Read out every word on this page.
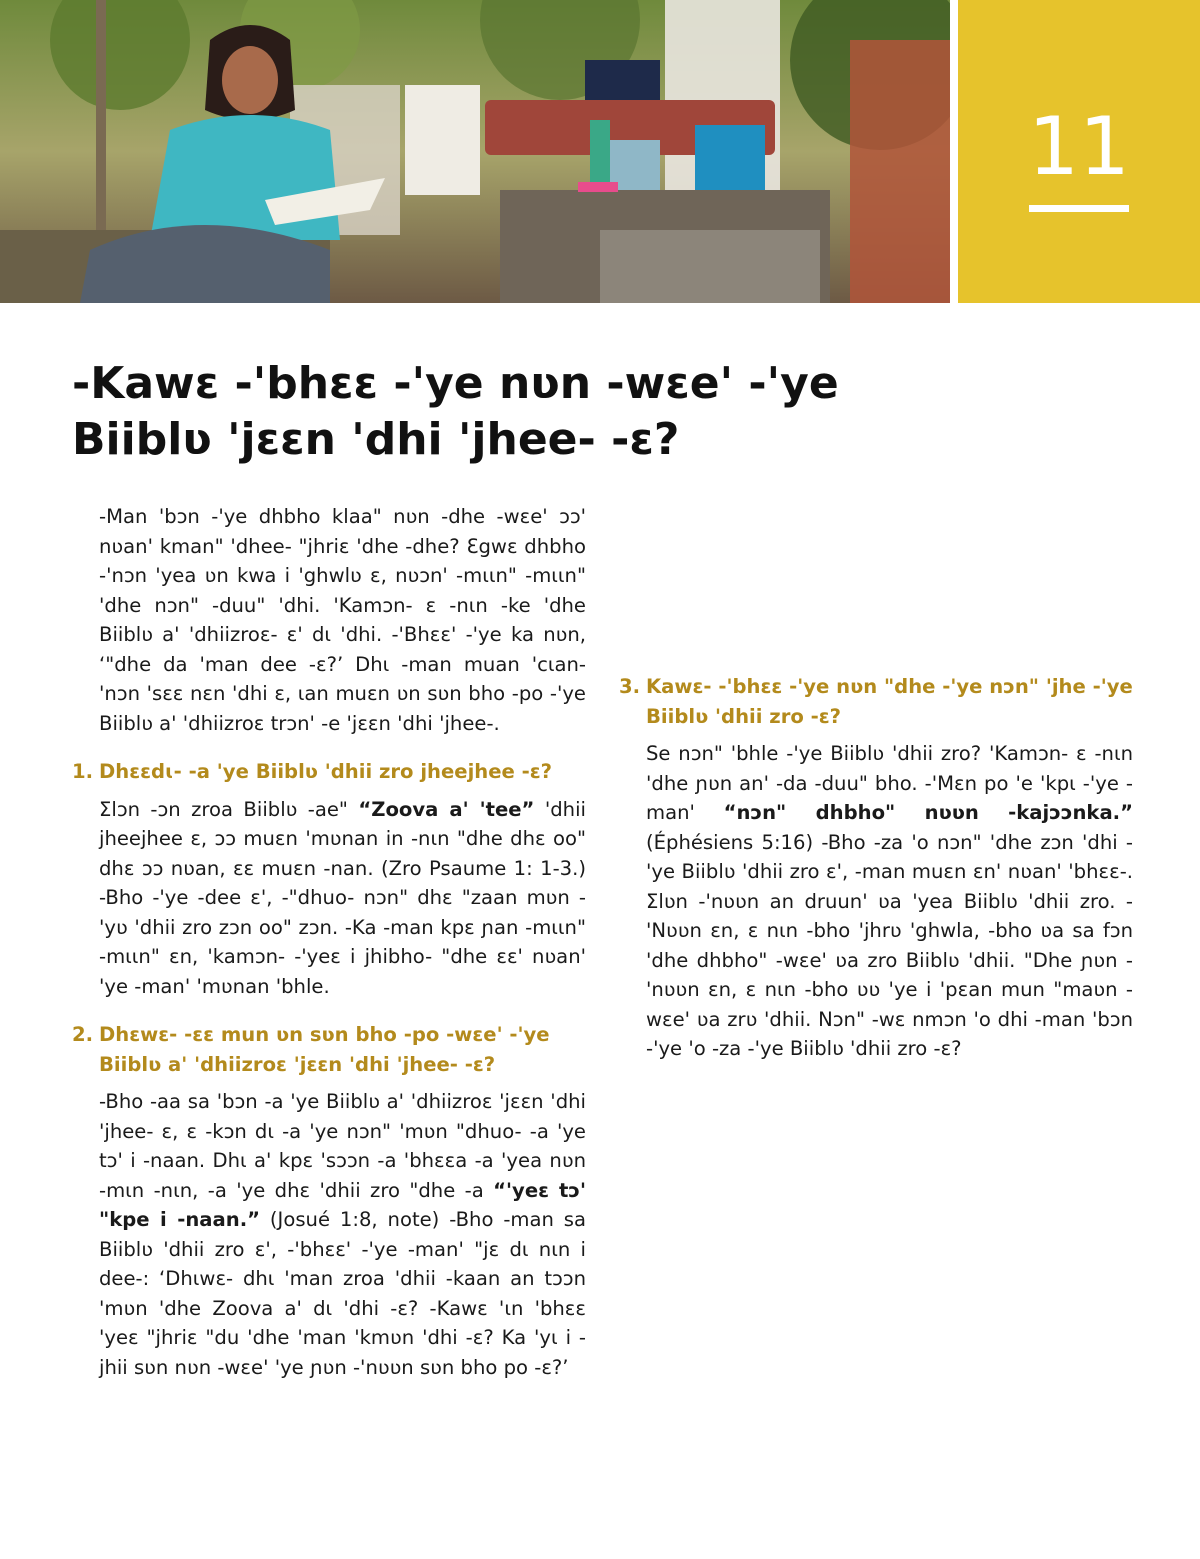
11
-Kawɛ -'bhɛɛ -'ye nʋn -wɛe' -'ye Biiblʋ 'jɛɛn 'dhi 'jhee- -ɛ?

-Man 'bɔn -'ye dhbho klaa" nʋn -dhe -wɛe' ɔɔ' nʋan' kman" 'dhee- "jhriɛ 'dhe -dhe? Ɛgwɛ dhbho -'nɔn 'yea ʋn kwa i 'ghwlʋ ɛ, nʋɔn' -mɩɩn" -mɩɩn" 'dhe nɔn" -duu" 'dhi. 'Kamɔn- ɛ -nɩn -ke 'dhe Biiblʋ a' 'dhiizroɛ- ɛ' dɩ 'dhi. -'Bhɛɛ' -'ye ka nʋn, ‘"dhe da 'man dee -ɛ?’ Dhɩ -man muan 'cɩan- 'nɔn 'sɛɛ nɛn 'dhi ɛ, ɩan muɛn ʋn sʋn bho -po -'ye Biiblʋ a' 'dhiizroɛ trɔn' -e 'jɛɛn 'dhi 'jhee-.

1. Dhɛɛdɩ- -a 'ye Biiblʋ 'dhii zro jheejhee -ɛ?

Ʃlɔn -ɔn zroa Biiblʋ -ae" “Zoova a' 'tee” 'dhii jheejhee ɛ, ɔɔ muɛn 'mʋnan in -nɩn "dhe dhɛ oo" dhɛ ɔɔ nʋan, ɛɛ muɛn -nan. (Zro Psaume 1: 1-3.) -Bho -'ye -dee ɛ', -"dhuo- nɔn" dhɛ "zaan mʋn -'yʋ 'dhii zro zɔn oo" zɔn. -Ka -man kpɛ ɲan -mɩɩn" -mɩɩn" ɛn, 'kamɔn- -'yeɛ i jhibho- "dhe ɛɛ' nʋan' 'ye -man' 'mʋnan 'bhle.

2. Dhɛwɛ- -ɛɛ mun ʋn sʋn bho -po -wɛe' -'ye Biiblʋ a' 'dhiizroɛ 'jɛɛn 'dhi 'jhee- -ɛ?

-Bho -aa sa 'bɔn -a 'ye Biiblʋ a' 'dhiizroɛ 'jɛɛn 'dhi 'jhee- ɛ, ɛ -kɔn dɩ -a 'ye nɔn" 'mʋn "dhuo- -a 'ye tɔ' i -naan. Dhɩ a' kpɛ 'sɔɔn -a 'bhɛɛa -a 'yea nʋn -mɩn -nɩn, -a 'ye dhɛ 'dhii zro "dhe -a “'yeɛ tɔ' "kpe i -naan.” (Josué 1:8, note) -Bho -man sa Biiblʋ 'dhii zro ɛ', -'bhɛɛ' -'ye -man' "jɛ dɩ nɩn i dee-: ‘Dhɩwɛ- dhɩ 'man zroa 'dhii -kaan an tɔɔn 'mʋn 'dhe Zoova a' dɩ 'dhi -ɛ? -Kawɛ 'ɩn 'bhɛɛ 'yeɛ "jhriɛ "du 'dhe 'man 'kmʋn 'dhi -ɛ? Ka 'yɩ i -jhii sʋn nʋn -wɛe' 'ye ɲʋn -'nʋʋn sʋn bho po -ɛ?’

3. Kawɛ- -'bhɛɛ -'ye nʋn "dhe -'ye nɔn" 'jhe -'ye Biiblʋ 'dhii zro -ɛ?

Se nɔn" 'bhle -'ye Biiblʋ 'dhii zro? 'Kamɔn- ɛ -nɩn 'dhe ɲʋn an' -da -duu" bho. -'Mɛn po 'e 'kpɩ -'ye -man' “nɔn" dhbho" nʋʋn -kajɔɔnka.” (Éphésiens 5:16) -Bho -za 'o nɔn" 'dhe zɔn 'dhi -'ye Biiblʋ 'dhii zro ɛ', -man muɛn ɛn' nʋan' 'bhɛɛ-. Ʃlʋn -'nʋʋn an druun' ʋa 'yea Biiblʋ 'dhii zro. -'Nʋʋn ɛn, ɛ nɩn -bho 'jhrʋ 'ghwla, -bho ʋa sa fɔn 'dhe dhbho" -wɛe' ʋa zro Biiblʋ 'dhii. "Dhe ɲʋn -'nʋʋn ɛn, ɛ nɩn -bho ʋʋ 'ye i 'pɛan mun "maʋn -wɛe' ʋa zrʋ 'dhii. Nɔn" -wɛ nmɔn 'o dhi -man 'bɔn -'ye 'o -za -'ye Biiblʋ 'dhii zro -ɛ?
